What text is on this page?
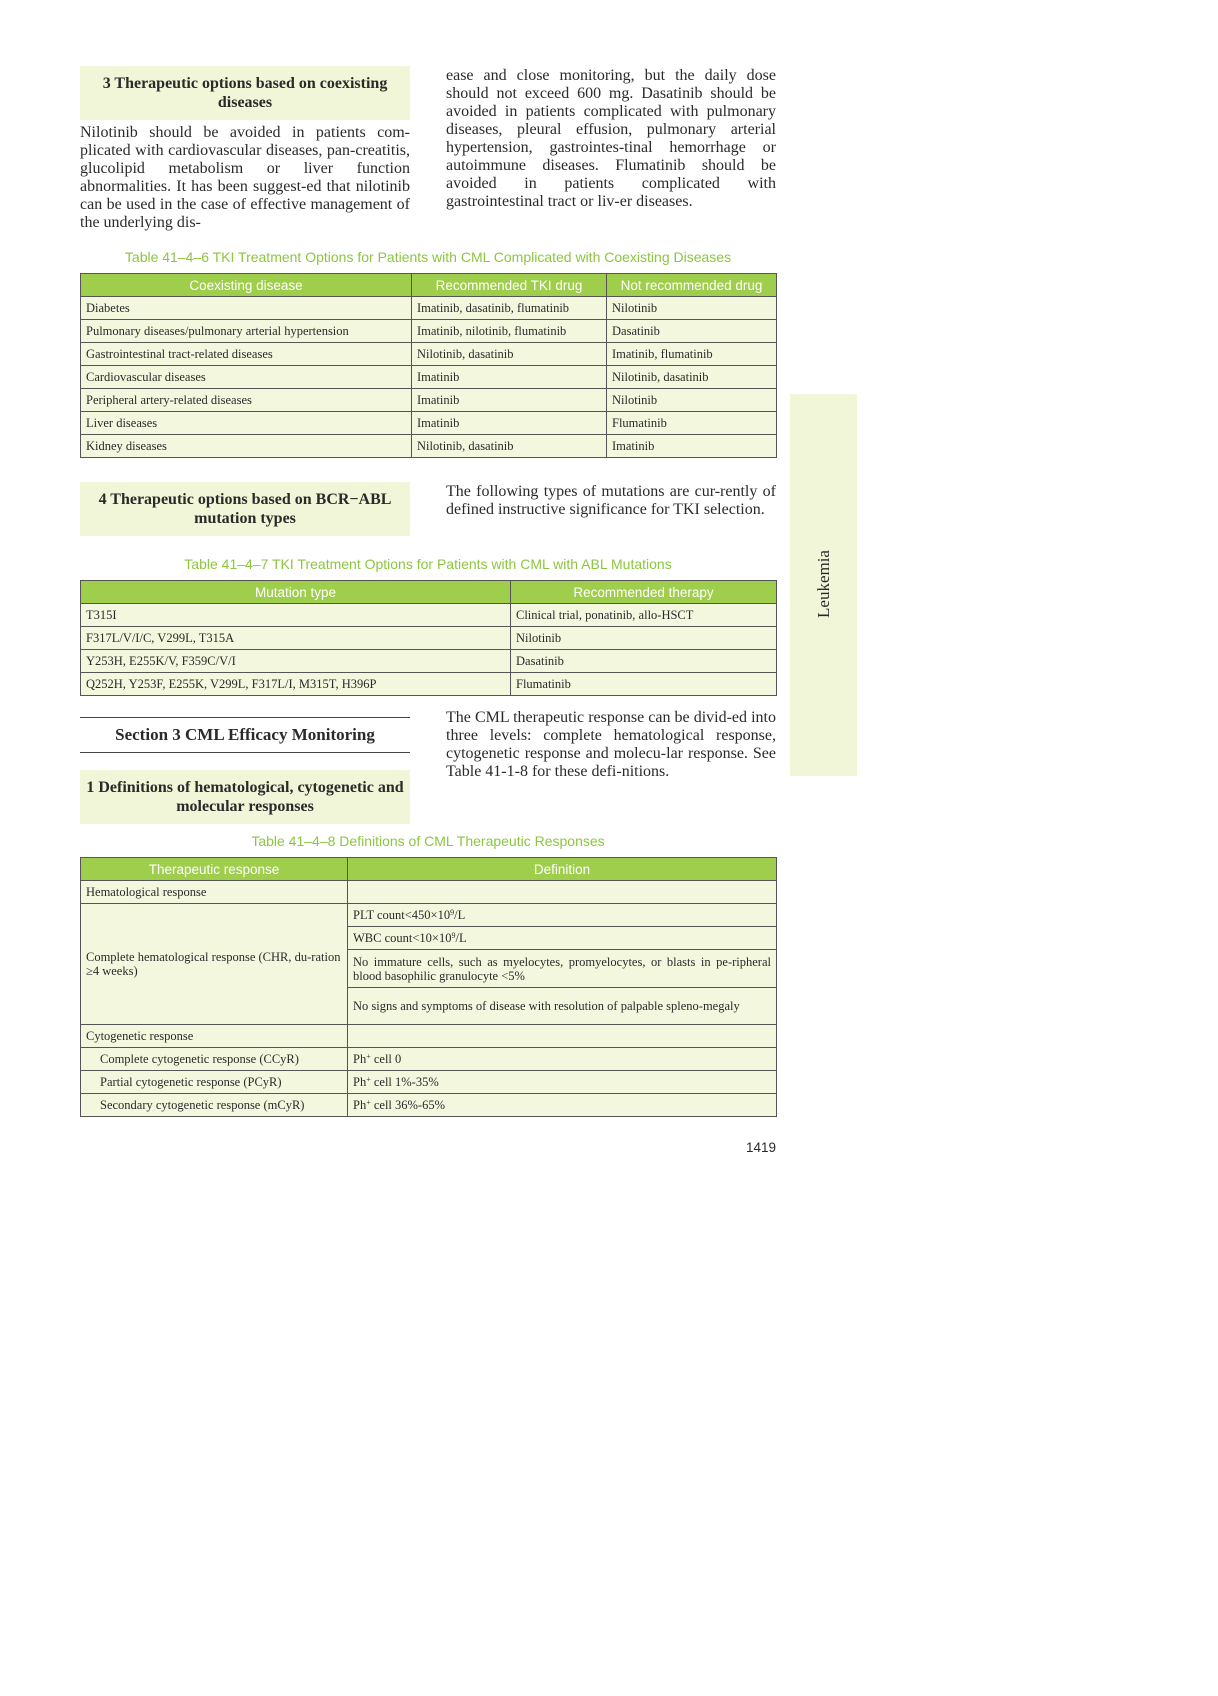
3 Therapeutic options based on coexisting diseases

Nilotinib should be avoided in patients com-plicated with cardiovascular diseases, pan-creatitis, glucolipid metabolism or liver function abnormalities. It has been suggest-ed that nilotinib can be used in the case of effective management of the underlying dis-

ease and close monitoring, but the daily dose should not exceed 600 mg. Dasatinib should be avoided in patients complicated with pulmonary diseases, pleural effusion, pulmonary arterial hypertension, gastrointes-tinal hemorrhage or autoimmune diseases. Flumatinib should be avoided in patients complicated with gastrointestinal tract or liv-er diseases.

Table 41–4–6 TKI Treatment Options for Patients with CML Complicated with Coexisting Diseases
Coexisting disease	Recommended TKI drug	Not recommended drug
Diabetes	Imatinib, dasatinib, flumatinib	Nilotinib
Pulmonary diseases/pulmonary arterial hypertension	Imatinib, nilotinib, flumatinib	Dasatinib
Gastrointestinal tract-related diseases	Nilotinib, dasatinib	Imatinib, flumatinib
Cardiovascular diseases	Imatinib	Nilotinib, dasatinib
Peripheral artery-related diseases	Imatinib	Nilotinib
Liver diseases	Imatinib	Flumatinib
Kidney diseases	Nilotinib, dasatinib	Imatinib
4 Therapeutic options based on BCR−ABL mutation types

The following types of mutations are cur-rently of defined instructive significance for TKI selection.

Table 41–4–7 TKI Treatment Options for Patients with CML with ABL Mutations
Mutation type	Recommended therapy
T315I	Clinical trial, ponatinib, allo-HSCT
F317L/V/I/C, V299L, T315A	Nilotinib
Y253H, E255K/V, F359C/V/I	Dasatinib
Q252H, Y253F, E255K, V299L, F317L/I, M315T, H396P	Flumatinib
Section 3 CML Efficacy Monitoring
1 Definitions of hematological, cytogenetic and molecular responses

The CML therapeutic response can be divid-ed into three levels: complete hematological response, cytogenetic response and molecu-lar response. See Table 41-1-8 for these defi-nitions.

Table 41–4–8 Definitions of CML Therapeutic Responses
Therapeutic response	Definition
Hematological response	
Complete hematological response (CHR, du-ration ≥4 weeks)	PLT $count<450\times 10^9/L$
	WBC $count<10\times 10^9/L$
	No immature cells, such as myelocytes, promyelocytes, or blasts in pe-ripheral blood basophilic granulocyte <5%
	No signs and symptoms of disease with resolution of palpable spleno-megaly
Cytogenetic response	
Complete cytogenetic response (CCyR)	Ph+ cell 0
Partial cytogenetic response (PCyR)	Ph+ cell 1%-35%
Secondary cytogenetic response (mCyR)	Ph+ cell 36%-65%
Leukemia
1419
